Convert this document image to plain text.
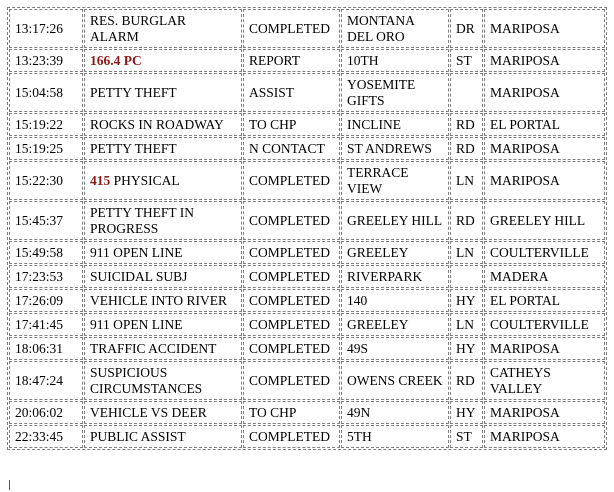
13:17:26	RES. BURGLAR ALARM	COMPLETED	MONTANA DEL ORO	DR	MARIPOSA
13:23:39	166.4 PC	REPORT	10TH	ST	MARIPOSA
15:04:58	PETTY THEFT	ASSIST	YOSEMITE GIFTS		MARIPOSA
15:19:22	ROCKS IN ROADWAY	TO CHP	INCLINE	RD	EL PORTAL
15:19:25	PETTY THEFT	N CONTACT	ST ANDREWS	RD	MARIPOSA
15:22:30	415 PHYSICAL	COMPLETED	TERRACE VIEW	LN	MARIPOSA
15:45:37	PETTY THEFT IN PROGRESS	COMPLETED	GREELEY HILL	RD	GREELEY HILL
15:49:58	911 OPEN LINE	COMPLETED	GREELEY	LN	COULTERVILLE
17:23:53	SUICIDAL SUBJ	COMPLETED	RIVERPARK		MADERA
17:26:09	VEHICLE INTO RIVER	COMPLETED	140	HY	EL PORTAL
17:41:45	911 OPEN LINE	COMPLETED	GREELEY	LN	COULTERVILLE
18:06:31	TRAFFIC ACCIDENT	COMPLETED	49S	HY	MARIPOSA
18:47:24	SUSPICIOUS CIRCUMSTANCES	COMPLETED	OWENS CREEK	RD	CATHEYS VALLEY
20:06:02	VEHICLE VS DEER	TO CHP	49N	HY	MARIPOSA
22:33:45	PUBLIC ASSIST	COMPLETED	5TH	ST	MARIPOSA
